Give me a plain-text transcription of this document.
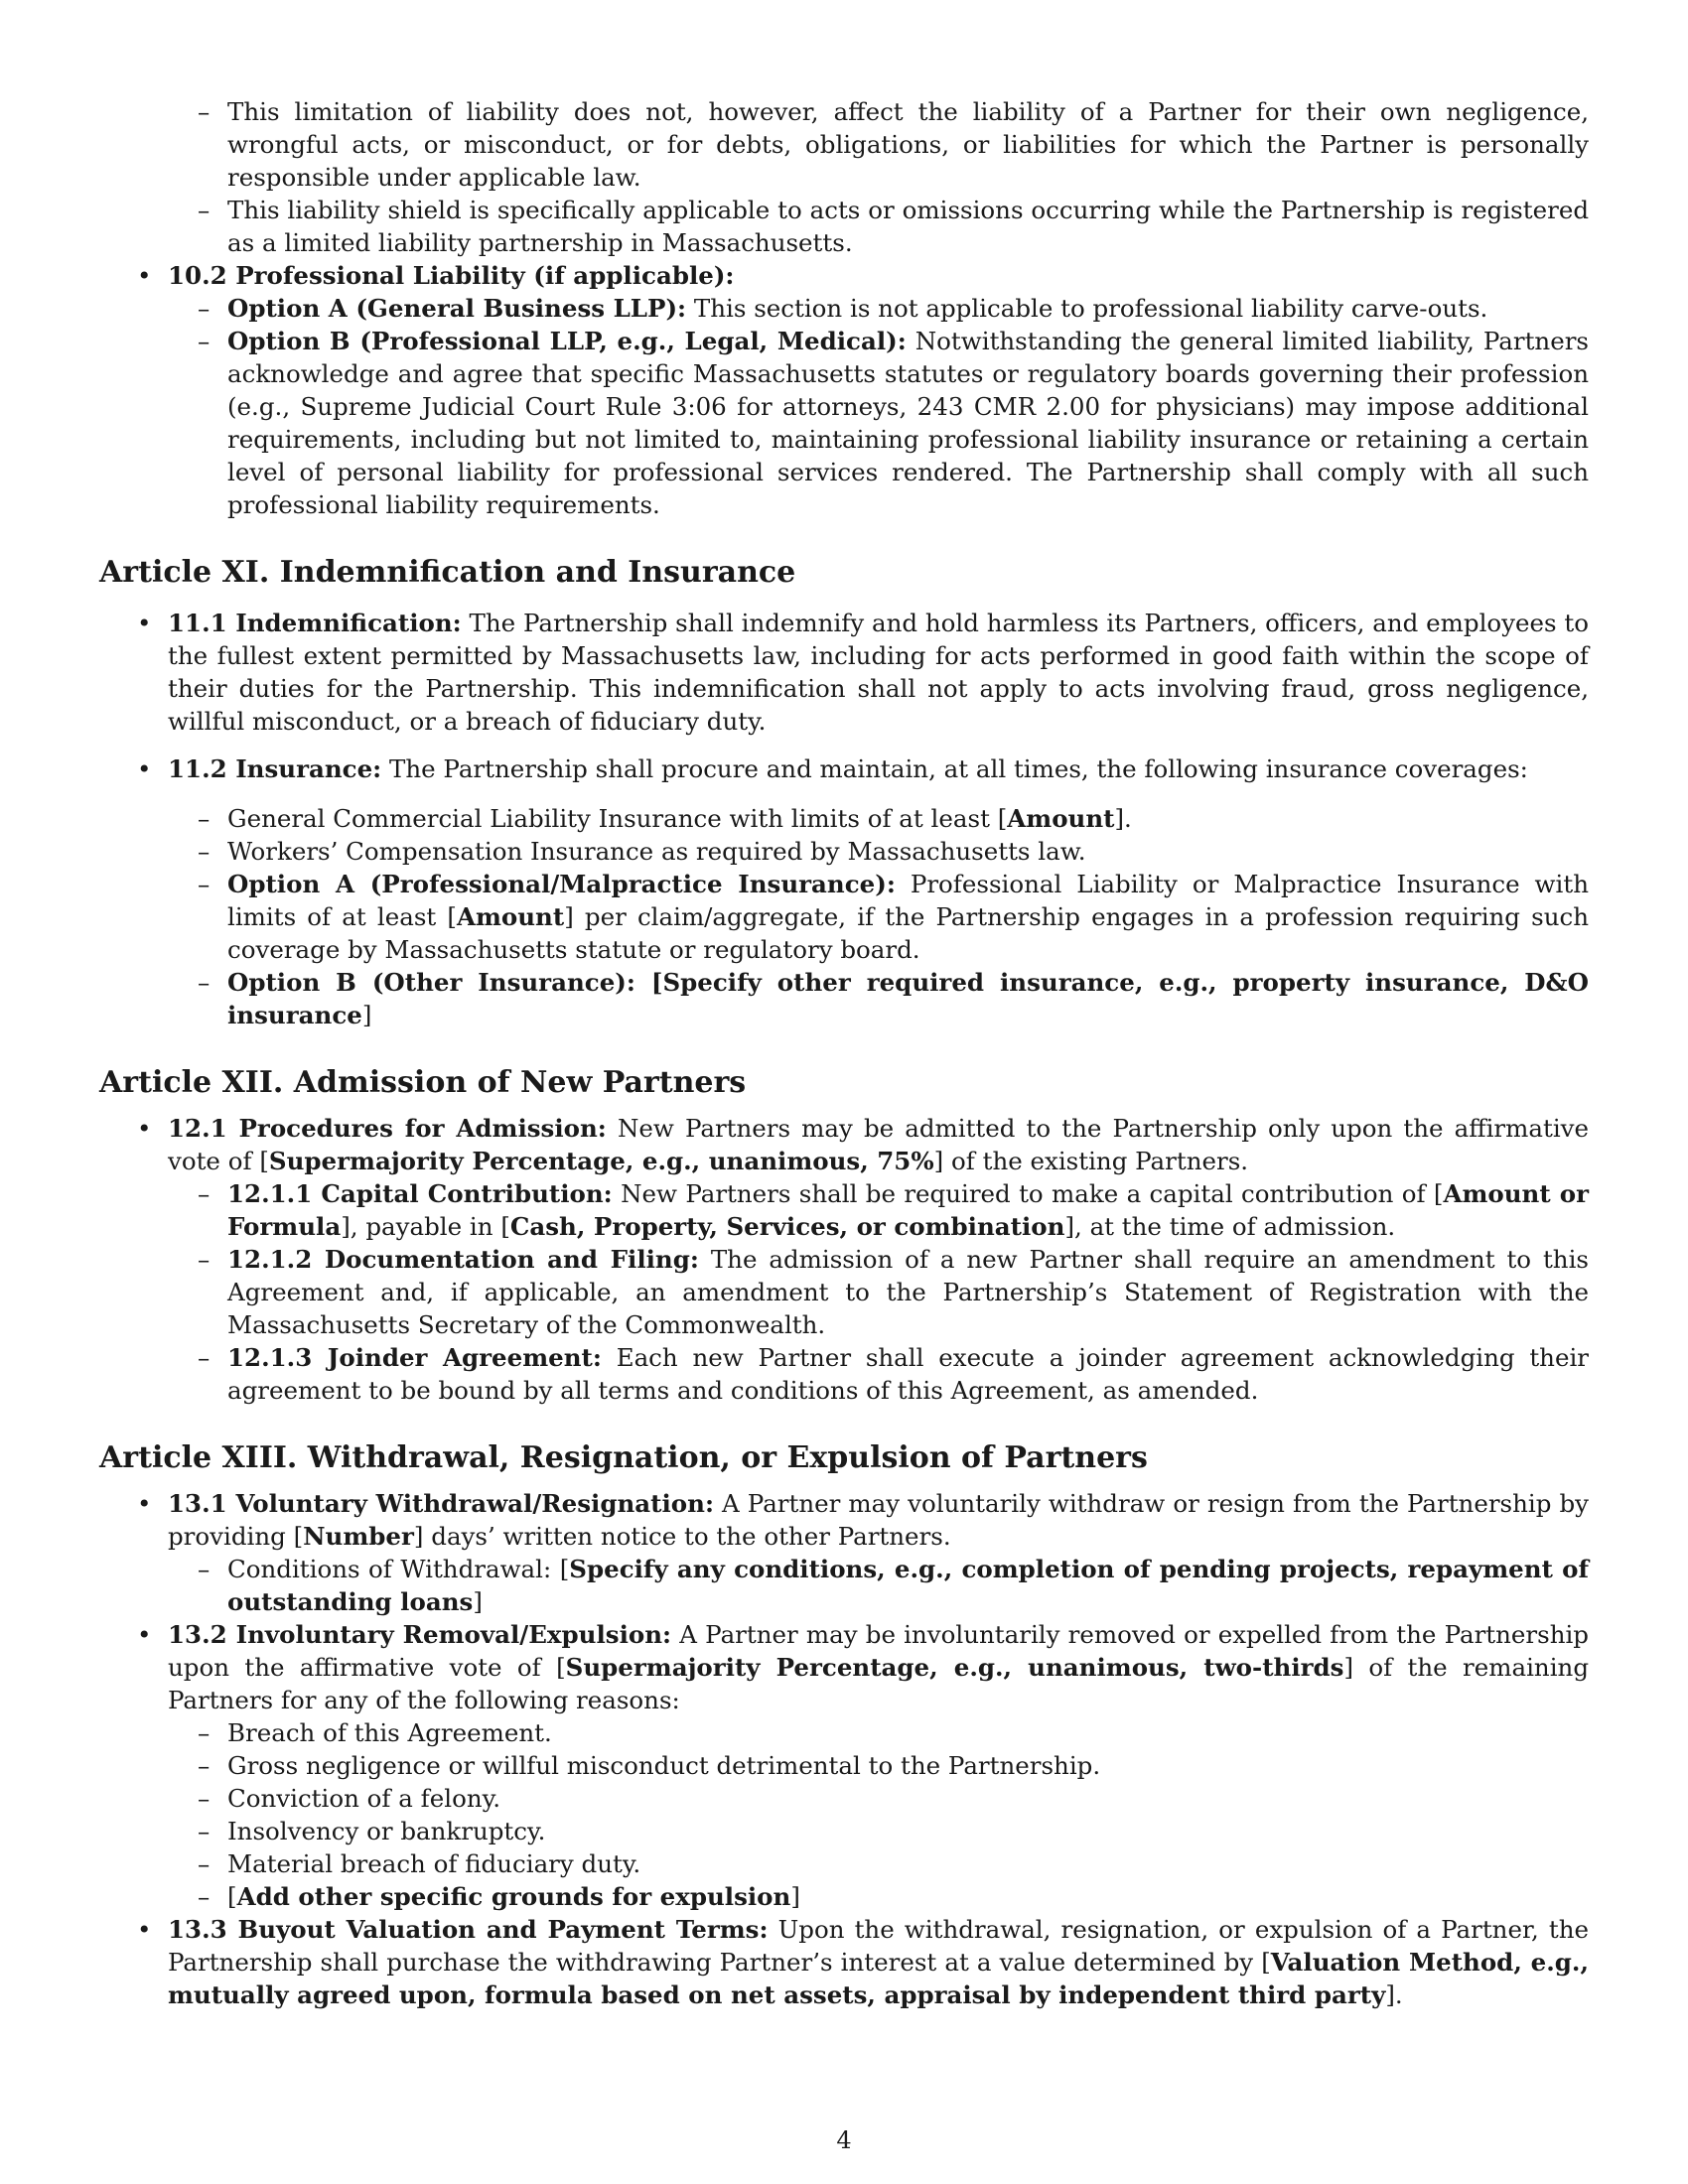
– This limitation of liability does not, however, affect the liability of a Partner for their own negligence, wrongful acts, or misconduct, or for debts, obligations, or liabilities for which the Partner is personally responsible under applicable law.
– This liability shield is specifically applicable to acts or omissions occurring while the Partnership is registered as a limited liability partnership in Massachusetts.
• 10.2 Professional Liability (if applicable):
– Option A (General Business LLP): This section is not applicable to professional liability carve-outs.
– Option B (Professional LLP, e.g., Legal, Medical): Notwithstanding the general limited liability, Partners acknowledge and agree that specific Massachusetts statutes or regulatory boards governing their profession (e.g., Supreme Judicial Court Rule 3:06 for attorneys, 243 CMR 2.00 for physicians) may impose additional requirements, including but not limited to, maintaining professional liability insurance or retaining a certain level of personal liability for professional services rendered. The Partnership shall comply with all such professional liability requirements.
Article XI. Indemnification and Insurance
• 11.1 Indemnification: The Partnership shall indemnify and hold harmless its Partners, officers, and employees to the fullest extent permitted by Massachusetts law, including for acts performed in good faith within the scope of their duties for the Partnership. This indemnification shall not apply to acts involving fraud, gross negligence, willful misconduct, or a breach of fiduciary duty.
• 11.2 Insurance: The Partnership shall procure and maintain, at all times, the following insurance coverages:
– General Commercial Liability Insurance with limits of at least [Amount].
– Workers’ Compensation Insurance as required by Massachusetts law.
– Option A (Professional/Malpractice Insurance): Professional Liability or Malpractice Insurance with limits of at least [Amount] per claim/aggregate, if the Partnership engages in a profession requiring such coverage by Massachusetts statute or regulatory board.
– Option B (Other Insurance): [Specify other required insurance, e.g., property insurance, D&O insurance]
Article XII. Admission of New Partners
• 12.1 Procedures for Admission: New Partners may be admitted to the Partnership only upon the affirmative vote of [Supermajority Percentage, e.g., unanimous, 75%] of the existing Partners.
– 12.1.1 Capital Contribution: New Partners shall be required to make a capital contribution of [Amount or Formula], payable in [Cash, Property, Services, or combination], at the time of admission.
– 12.1.2 Documentation and Filing: The admission of a new Partner shall require an amendment to this Agreement and, if applicable, an amendment to the Partnership’s Statement of Registration with the Massachusetts Secretary of the Commonwealth.
– 12.1.3 Joinder Agreement: Each new Partner shall execute a joinder agreement acknowledging their agreement to be bound by all terms and conditions of this Agreement, as amended.
Article XIII. Withdrawal, Resignation, or Expulsion of Partners
• 13.1 Voluntary Withdrawal/Resignation: A Partner may voluntarily withdraw or resign from the Partnership by providing [Number] days’ written notice to the other Partners.
– Conditions of Withdrawal: [Specify any conditions, e.g., completion of pending projects, repayment of outstanding loans]
• 13.2 Involuntary Removal/Expulsion: A Partner may be involuntarily removed or expelled from the Partnership upon the affirmative vote of [Supermajority Percentage, e.g., unanimous, two-thirds] of the remaining Partners for any of the following reasons:
– Breach of this Agreement.
– Gross negligence or willful misconduct detrimental to the Partnership.
– Conviction of a felony.
– Insolvency or bankruptcy.
– Material breach of fiduciary duty.
– [Add other specific grounds for expulsion]
• 13.3 Buyout Valuation and Payment Terms: Upon the withdrawal, resignation, or expulsion of a Partner, the Partnership shall purchase the withdrawing Partner’s interest at a value determined by [Valuation Method, e.g., mutually agreed upon, formula based on net assets, appraisal by independent third party].
4
